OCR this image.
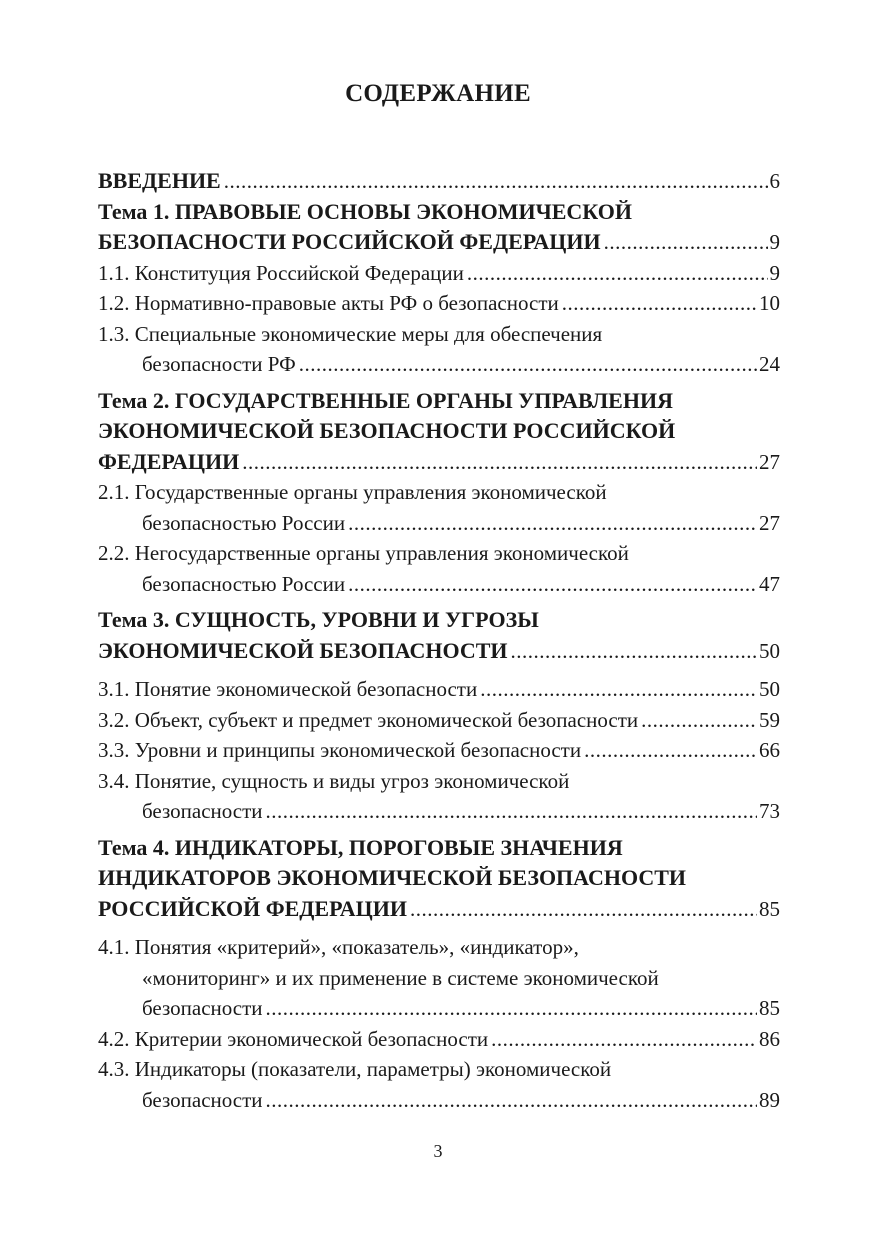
СОДЕРЖАНИЕ
ВВЕДЕНИЕ .....	6
Тема 1. ПРАВОВЫЕ ОСНОВЫ ЭКОНОМИЧЕСКОЙ
БЕЗОПАСНОСТИ РОССИЙСКОЙ ФЕДЕРАЦИИ .....	9
1.1. Конституция Российской Федерации .....	9
1.2. Нормативно-правовые акты РФ о безопасности .....	10
1.3. Специальные экономические меры для обеспечения
безопасности РФ .....	24
Тема 2. ГОСУДАРСТВЕННЫЕ ОРГАНЫ УПРАВЛЕНИЯ
ЭКОНОМИЧЕСКОЙ БЕЗОПАСНОСТИ РОССИЙСКОЙ
ФЕДЕРАЦИИ .....	27
2.1. Государственные органы управления экономической
безопасностью России .....	27
2.2. Негосударственные органы управления экономической
безопасностью России .....	47
Тема 3. СУЩНОСТЬ, УРОВНИ И УГРОЗЫ
ЭКОНОМИЧЕСКОЙ БЕЗОПАСНОСТИ .....	50
3.1. Понятие экономической безопасности .....	50
3.2. Объект, субъект и предмет экономической безопасности .....	59
3.3. Уровни и принципы экономической безопасности .....	66
3.4. Понятие, сущность и виды угроз экономической
безопасности .....	73
Тема 4. ИНДИКАТОРЫ, ПОРОГОВЫЕ ЗНАЧЕНИЯ
ИНДИКАТОРОВ ЭКОНОМИЧЕСКОЙ БЕЗОПАСНОСТИ
РОССИЙСКОЙ ФЕДЕРАЦИИ .....	85
4.1. Понятия «критерий», «показатель», «индикатор»,
«мониторинг» и их применение в системе экономической
безопасности .....	85
4.2. Критерии экономической безопасности .....	86
4.3. Индикаторы (показатели, параметры) экономической
безопасности .....	89
3
